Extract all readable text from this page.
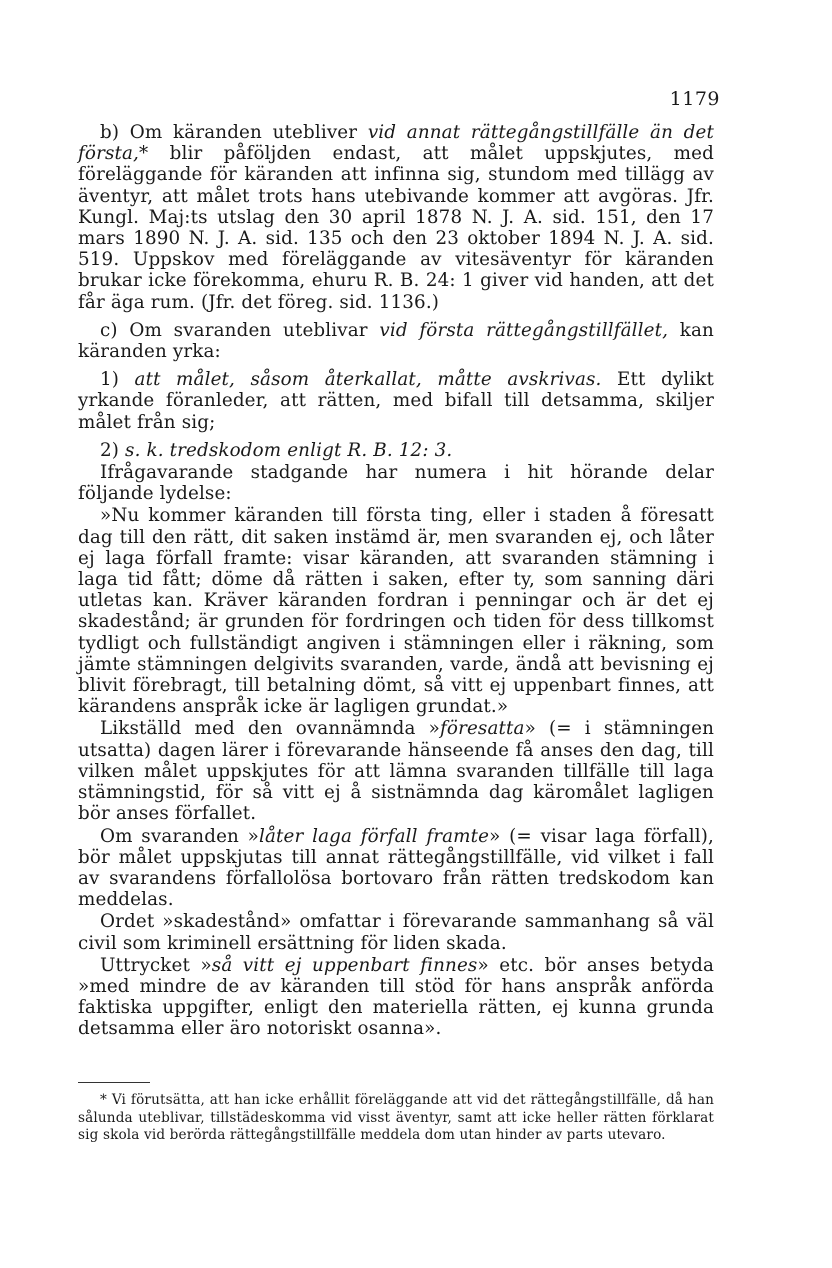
1179

b) Om käranden utebliver vid annat rättegångstillfälle än det första,* blir påföljden endast, att målet uppskjutes, med föreläggande för käranden att infinna sig, stundom med tillägg av äventyr, att målet trots hans utebivande kommer att avgöras. Jfr. Kungl. Maj:ts utslag den 30 april 1878 N. J. A. sid. 151, den 17 mars 1890 N. J. A. sid. 135 och den 23 oktober 1894 N. J. A. sid. 519. Uppskov med föreläggande av vitesäventyr för käranden brukar icke förekomma, ehuru R. B. 24: 1 giver vid handen, att det får äga rum. (Jfr. det föreg. sid. 1136.)

c) Om svaranden uteblivar vid första rättegångstillfället, kan käranden yrka:

1) att målet, såsom återkallat, måtte avskrivas. Ett dylikt yrkande föranleder, att rätten, med bifall till detsamma, skiljer målet från sig;

2) s. k. tredskodom enligt R. B. 12: 3.

Ifrågavarande stadgande har numera i hit hörande delar följande lydelse:

»Nu kommer käranden till första ting, eller i staden å föresatt dag till den rätt, dit saken instämd är, men svaranden ej, och låter ej laga förfall framte: visar käranden, att svaranden stämning i laga tid fått; döme då rätten i saken, efter ty, som sanning däri utletas kan. Kräver käranden fordran i penningar och är det ej skadestånd; är grunden för fordringen och tiden för dess tillkomst tydligt och fullständigt angiven i stämningen eller i räkning, som jämte stämningen delgivits svaranden, varde, ändå att bevisning ej blivit förebragt, till betalning dömt, så vitt ej uppenbart finnes, att kärandens anspråk icke är lagligen grundat.»

Likställd med den ovannämnda »föresatta» (= i stämningen utsatta) dagen lärer i förevarande hänseende få anses den dag, till vilken målet uppskjutes för att lämna svaranden tillfälle till laga stämningstid, för så vitt ej å sistnämnda dag käromålet lagligen bör anses förfallet.

Om svaranden »låter laga förfall framte» (= visar laga förfall), bör målet uppskjutas till annat rättegångstillfälle, vid vilket i fall av svarandens förfallolösa bortovaro från rätten tredskodom kan meddelas.

Ordet »skadestånd» omfattar i förevarande sammanhang så väl civil som kriminell ersättning för liden skada.

Uttrycket »så vitt ej uppenbart finnes» etc. bör anses betyda »med mindre de av käranden till stöd för hans anspråk anförda faktiska uppgifter, enligt den materiella rätten, ej kunna grunda detsamma eller äro notoriskt osanna».

* Vi förutsätta, att han icke erhållit föreläggande att vid det rättegångstillfälle, då han sålunda uteblivar, tillstädeskomma vid visst äventyr, samt att icke heller rätten förklarat sig skola vid berörda rättegångstillfälle meddela dom utan hinder av parts utevaro.
